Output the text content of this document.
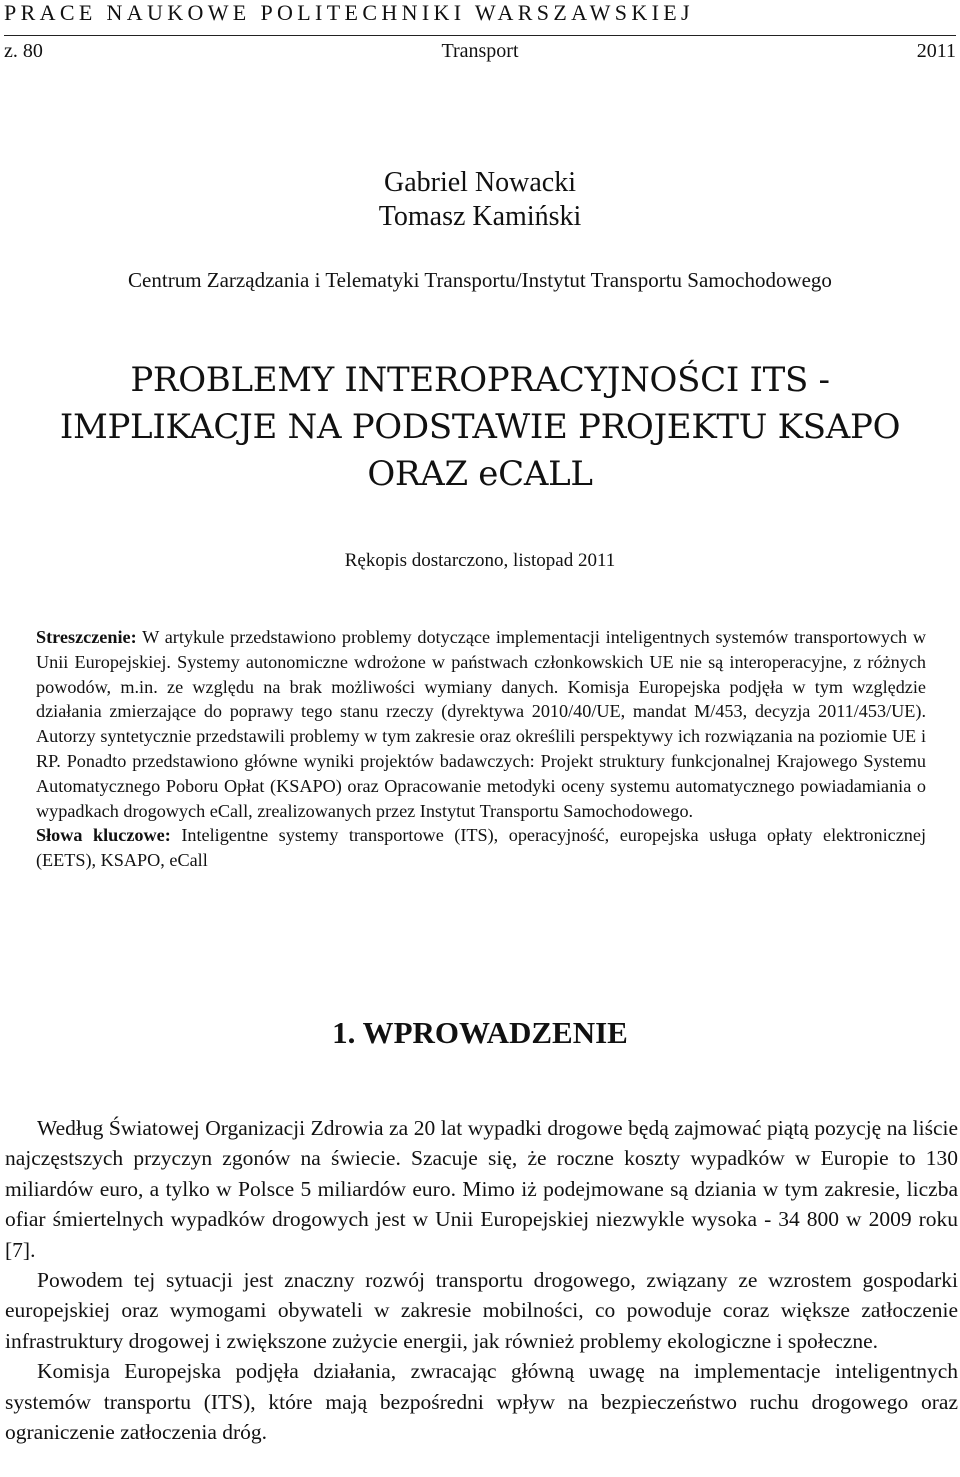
PRACE NAUKOWE POLITECHNIKI WARSZAWSKIEJ
z. 80	Transport	2011
Gabriel Nowacki
Tomasz Kamiński
Centrum Zarządzania i Telematyki Transportu/Instytut Transportu Samochodowego
PROBLEMY INTEROPRACYJNOŚCI ITS -
IMPLIKACJE NA PODSTAWIE PROJEKTU KSAPO
ORAZ eCALL
Rękopis dostarczono, listopad 2011

Streszczenie: W artykule przedstawiono problemy dotyczące implementacji inteligentnych systemów transportowych w Unii Europejskiej. Systemy autonomiczne wdrożone w państwach członkowskich UE nie są interoperacyjne, z różnych powodów, m.in. ze względu na brak możliwości wymiany danych. Komisja Europejska podjęła w tym względzie działania zmierzające do poprawy tego stanu rzeczy (dyrektywa 2010/40/UE, mandat M/453, decyzja 2011/453/UE). Autorzy syntetycznie przedstawili problemy w tym zakresie oraz określili perspektywy ich rozwiązania na poziomie UE i RP. Ponadto przedstawiono główne wyniki projektów badawczych: Projekt struktury funkcjonalnej Krajowego Systemu Automatycznego Poboru Opłat (KSAPO) oraz Opracowanie metodyki oceny systemu automatycznego powiadamiania o wypadkach drogowych eCall, zrealizowanych przez Instytut Transportu Samochodowego.

Słowa kluczowe: Inteligentne systemy transportowe (ITS), operacyjność, europejska usługa opłaty elektronicznej (EETS), KSAPO, eCall

1. WPROWADZENIE

Według Światowej Organizacji Zdrowia za 20 lat wypadki drogowe będą zajmować piątą pozycję na liście najczęstszych przyczyn zgonów na świecie. Szacuje się, że roczne koszty wypadków w Europie to 130 miliardów euro, a tylko w Polsce 5 miliardów euro. Mimo iż podejmowane są dziania w tym zakresie, liczba ofiar śmiertelnych wypadków drogowych jest w Unii Europejskiej niezwykle wysoka - 34 800 w 2009 roku [7].

Powodem tej sytuacji jest znaczny rozwój transportu drogowego, związany ze wzrostem gospodarki europejskiej oraz wymogami obywateli w zakresie mobilności, co powoduje coraz większe zatłoczenie infrastruktury drogowej i zwiększone zużycie energii, jak również problemy ekologiczne i społeczne.

Komisja Europejska podjęła działania, zwracając główną uwagę na implementacje inteligentnych systemów transportu (ITS), które mają bezpośredni wpływ na bezpieczeństwo ruchu drogowego oraz ograniczenie zatłoczenia dróg.
